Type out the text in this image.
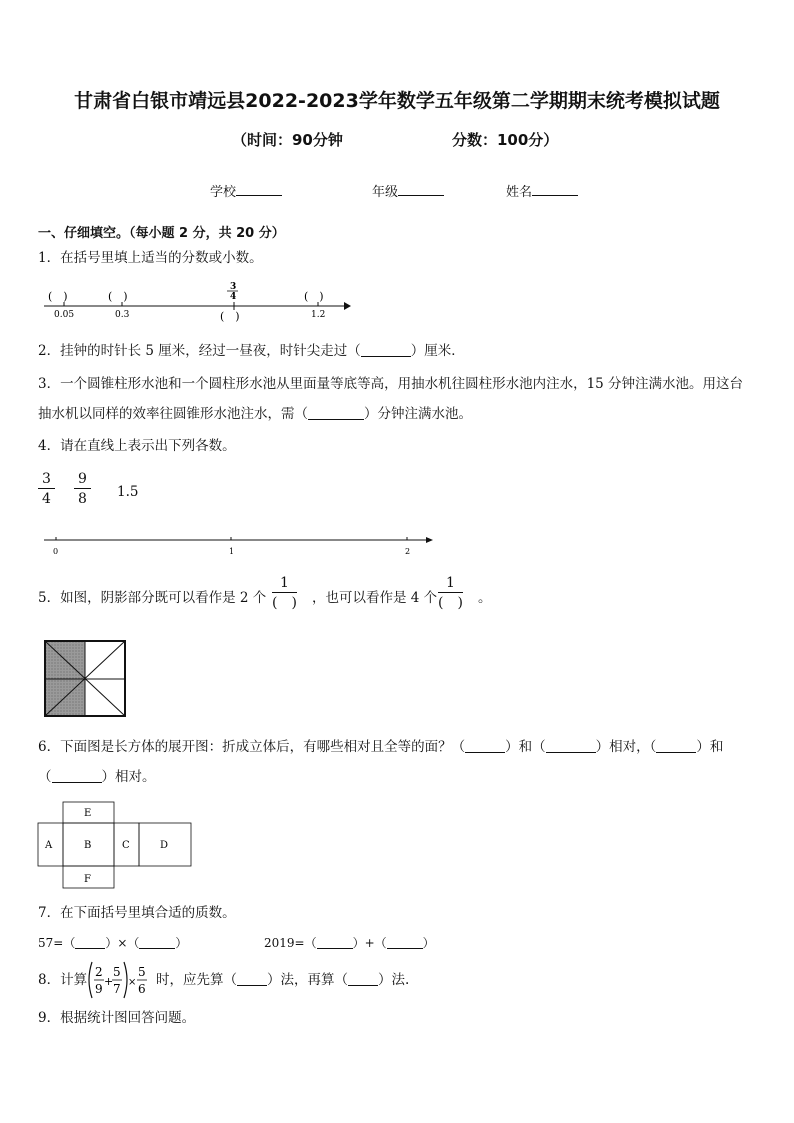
甘肃省白银市靖远县2022-2023学年数学五年级第二学期期末统考模拟试题
（时间：90分钟	分数：100分）
学校	年级	姓名
一、仔细填空。（每小题 2 分，共 20 分）
1．在括号里填上适当的分数或小数。
(　)	(　)	(　)
3
4
0.05	0.3	(　)	1.2
2．挂钟的时针长 5 厘米，经过一昼夜，时针尖走过（	）厘米．
3．一个圆锥柱形水池和一个圆柱形水池从里面量等底等高，用抽水机往圆柱形水池内注水，15 分钟注满水池。用这台
抽水机以同样的效率往圆锥形水池注水，需（	）分钟注满水池。
4．请在直线上表示出下列各数。
$\frac{3}{4} \frac{9}{8} 1.5$
0	1	2
5．如图，阴影部分既可以看作是 2 个
1
(　) ，也可以看作是 4 个
1
(　) 。
6．下面图是长方体的展开图：折成立体后，有哪些相对且全等的面？（	）和（	）相对，（	）和
（	）相对。
E
A	B	C	D
F
7．在下面括号里填合适的质数。
57=（	）×（	）	2019=（	）+（	）
8．计算 2
9
+
5
7 ×
5
6
时，应先算（ ）法，再算（ ）法.
9．根据统计图回答问题。
